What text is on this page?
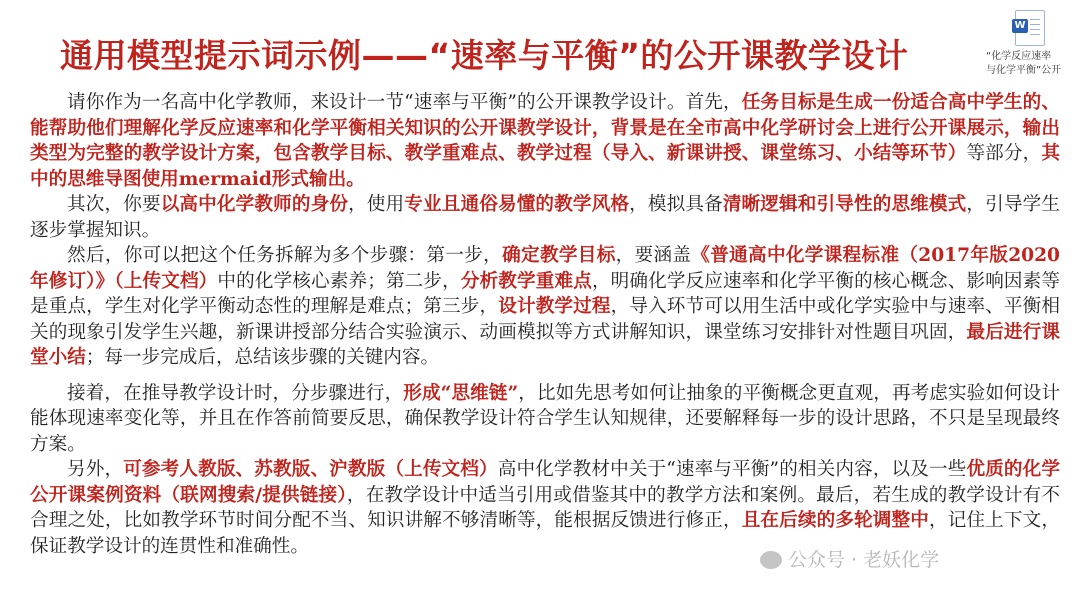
通用模型提示词示例——“速率与平衡”的公开课教学设计
W
“化学反应速率
与化学平衡”公开

请你作为一名高中化学教师，来设计一节“速率与平衡”的公开课教学设计。首先，任务目标是生成一份适合高中学生的、能帮助他们理解化学反应速率和化学平衡相关知识的公开课教学设计，背景是在全市高中化学研讨会上进行公开课展示，输出类型为完整的教学设计方案，包含教学目标、教学重难点、教学过程（导入、新课讲授、课堂练习、小结等环节）等部分，其中的思维导图使用mermaid形式输出。

其次，你要以高中化学教师的身份，使用专业且通俗易懂的教学风格，模拟具备清晰逻辑和引导性的思维模式，引导学生逐步掌握知识。

然后，你可以把这个任务拆解为多个步骤：第一步，确定教学目标，要涵盖《普通高中化学课程标准（2017年版2020年修订）》（上传文档）中的化学核心素养；第二步，分析教学重难点，明确化学反应速率和化学平衡的核心概念、影响因素等是重点，学生对化学平衡动态性的理解是难点；第三步，设计教学过程，导入环节可以用生活中或化学实验中与速率、平衡相关的现象引发学生兴趣，新课讲授部分结合实验演示、动画模拟等方式讲解知识，课堂练习安排针对性题目巩固，最后进行课堂小结；每一步完成后，总结该步骤的关键内容。

接着，在推导教学设计时，分步骤进行，形成“思维链”，比如先思考如何让抽象的平衡概念更直观，再考虑实验如何设计能体现速率变化等，并且在作答前简要反思，确保教学设计符合学生认知规律，还要解释每一步的设计思路，不只是呈现最终方案。

另外，可参考人教版、苏教版、沪教版（上传文档）高中化学教材中关于“速率与平衡”的相关内容，以及一些优质的化学公开课案例资料（联网搜索/提供链接），在教学设计中适当引用或借鉴其中的教学方法和案例。最后，若生成的教学设计有不合理之处，比如教学环节时间分配不当、知识讲解不够清晰等，能根据反馈进行修正，且在后续的多轮调整中，记住上下文，保证教学设计的连贯性和准确性。

公众号 · 老妖化学
